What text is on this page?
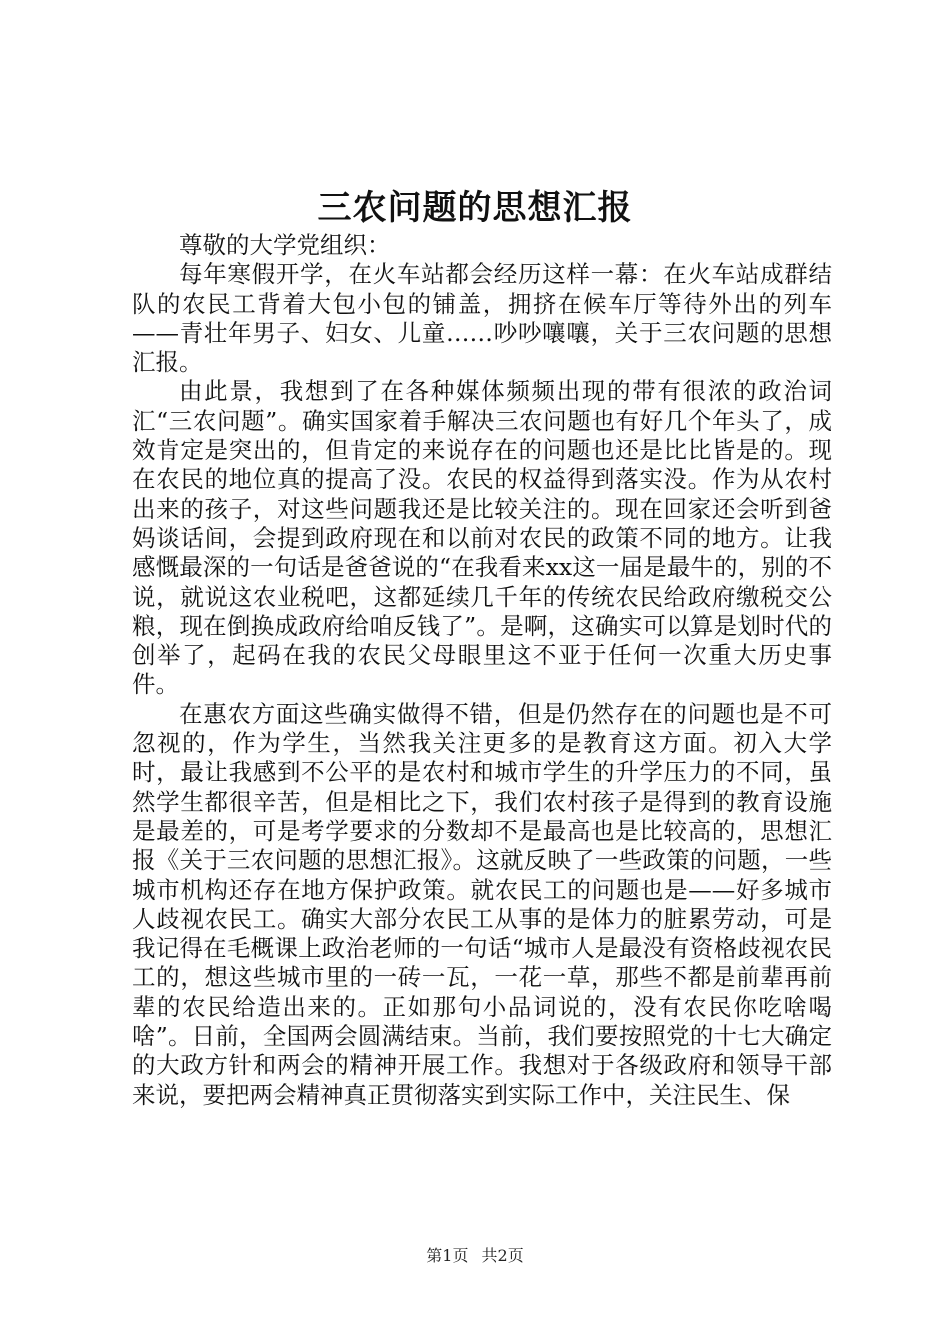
三农问题的思想汇报

尊敬的大学党组织：

每年寒假开学，在火车站都会经历这样一幕：在火车站成群结队的农民工背着大包小包的铺盖，拥挤在候车厅等待外出的列车——青壮年男子、妇女、儿童……吵吵嚷嚷，关于三农问题的思想汇报。

由此景，我想到了在各种媒体频频出现的带有很浓的政治词汇“三农问题”。确实国家着手解决三农问题也有好几个年头了，成效肯定是突出的，但肯定的来说存在的问题也还是比比皆是的。现在农民的地位真的提高了没。农民的权益得到落实没。作为从农村出来的孩子，对这些问题我还是比较关注的。现在回家还会听到爸妈谈话间，会提到政府现在和以前对农民的政策不同的地方。让我感慨最深的一句话是爸爸说的“在我看来xx这一届是最牛的，别的不说，就说这农业税吧，这都延续几千年的传统农民给政府缴税交公粮，现在倒换成政府给咱反钱了”。是啊，这确实可以算是划时代的创举了，起码在我的农民父母眼里这不亚于任何一次重大历史事件。

在惠农方面这些确实做得不错，但是仍然存在的问题也是不可忽视的，作为学生，当然我关注更多的是教育这方面。初入大学时，最让我感到不公平的是农村和城市学生的升学压力的不同，虽然学生都很辛苦，但是相比之下，我们农村孩子是得到的教育设施是最差的，可是考学要求的分数却不是最高也是比较高的，思想汇报《关于三农问题的思想汇报》。这就反映了一些政策的问题，一些城市机构还存在地方保护政策。就农民工的问题也是——好多城市人歧视农民工。确实大部分农民工从事的是体力的脏累劳动，可是我记得在毛概课上政治老师的一句话“城市人是最没有资格歧视农民工的，想这些城市里的一砖一瓦，一花一草，那些不都是前辈再前辈的农民给造出来的。正如那句小品词说的，没有农民你吃啥喝啥”。日前，全国两会圆满结束。当前，我们要按照党的十七大确定的大政方针和两会的精神开展工作。我想对于各级政府和领导干部来说，要把两会精神真正贯彻落实到实际工作中，关注民生、保

第1页 共2页
